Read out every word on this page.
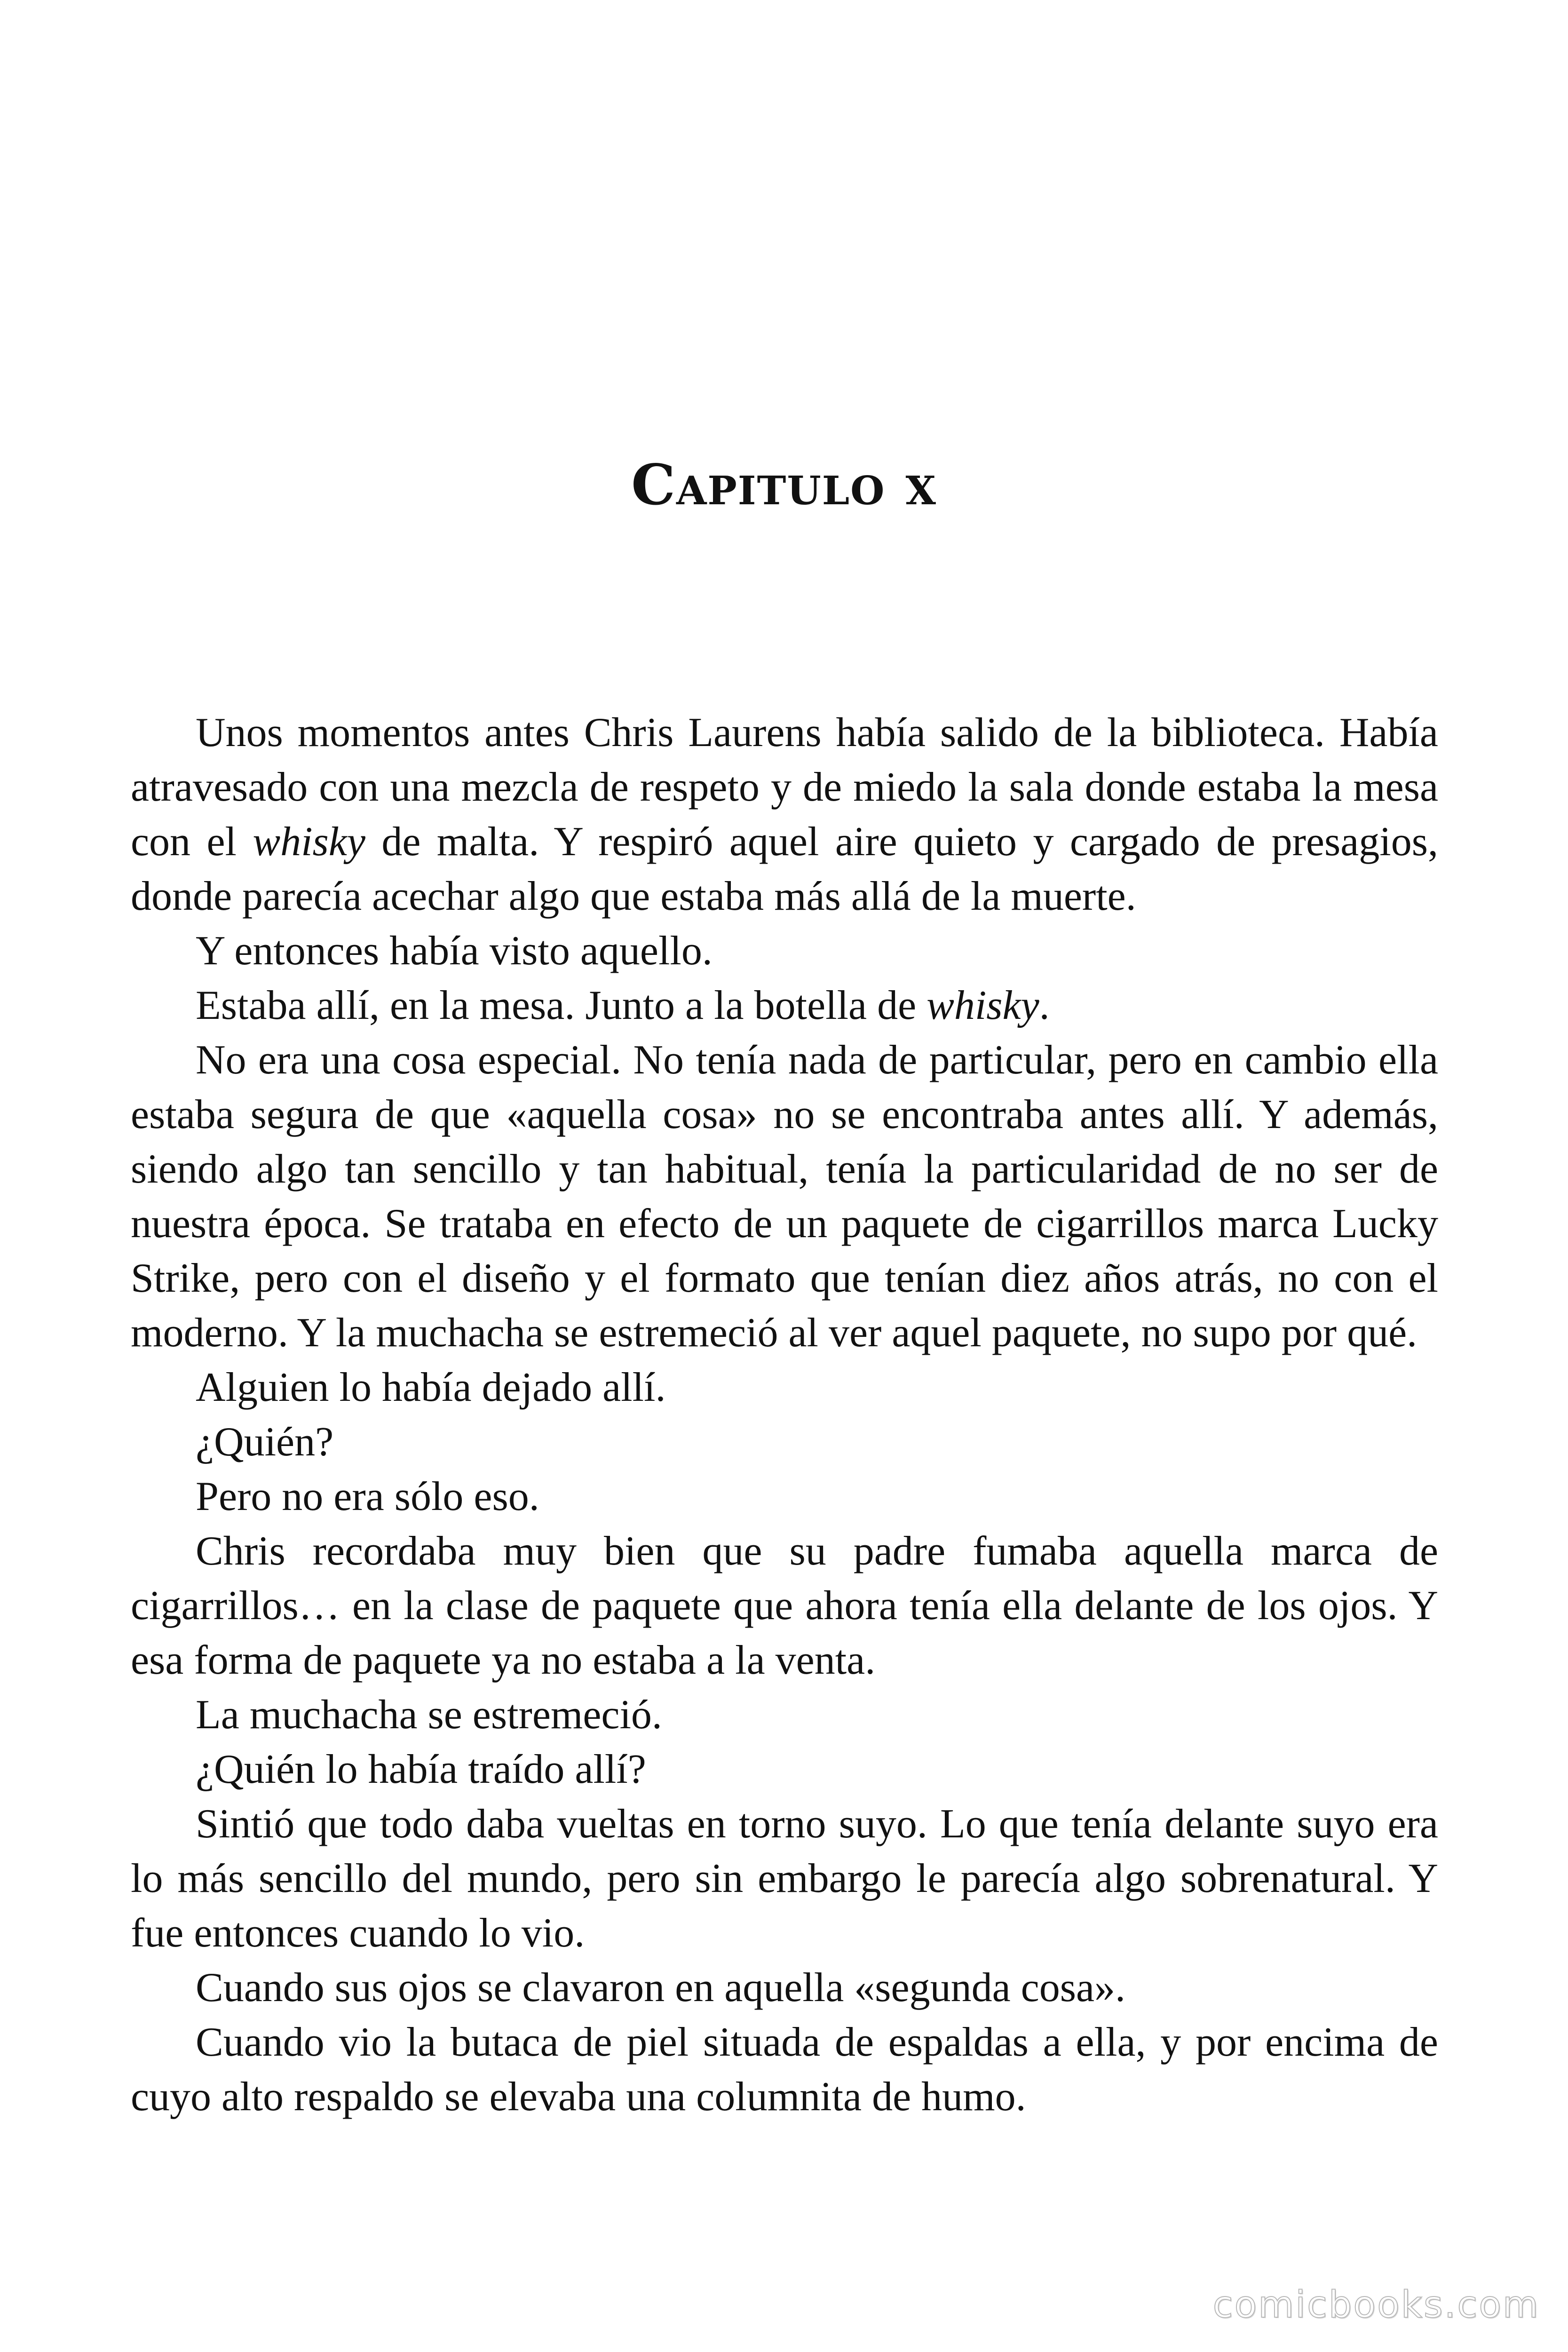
Capitulo x

Unos momentos antes Chris Laurens había salido de la biblioteca. Había atravesado con una mezcla de respeto y de miedo la sala donde estaba la mesa con el whisky de malta. Y respiró aquel aire quieto y cargado de presagios, donde parecía acechar algo que estaba más allá de la muerte.

Y entonces había visto aquello.

Estaba allí, en la mesa. Junto a la botella de whisky.

No era una cosa especial. No tenía nada de particular, pero en cambio ella estaba segura de que «aquella cosa» no se encontraba antes allí. Y además, siendo algo tan sencillo y tan habitual, tenía la particularidad de no ser de nuestra época. Se trataba en efecto de un paquete de cigarrillos marca Lucky Strike, pero con el diseño y el formato que tenían diez años atrás, no con el moderno. Y la muchacha se estremeció al ver aquel paquete, no supo por qué.

Alguien lo había dejado allí.

¿Quién?

Pero no era sólo eso.

Chris recordaba muy bien que su padre fumaba aquella marca de cigarrillos… en la clase de paquete que ahora tenía ella delante de los ojos. Y esa forma de paquete ya no estaba a la venta.

La muchacha se estremeció.

¿Quién lo había traído allí?

Sintió que todo daba vueltas en torno suyo. Lo que tenía delante suyo era lo más sencillo del mundo, pero sin embargo le parecía algo sobrenatural. Y fue entonces cuando lo vio.

Cuando sus ojos se clavaron en aquella «segunda cosa».

Cuando vio la butaca de piel situada de espaldas a ella, y por encima de cuyo alto respaldo se elevaba una columnita de humo.

comicbooks.com
